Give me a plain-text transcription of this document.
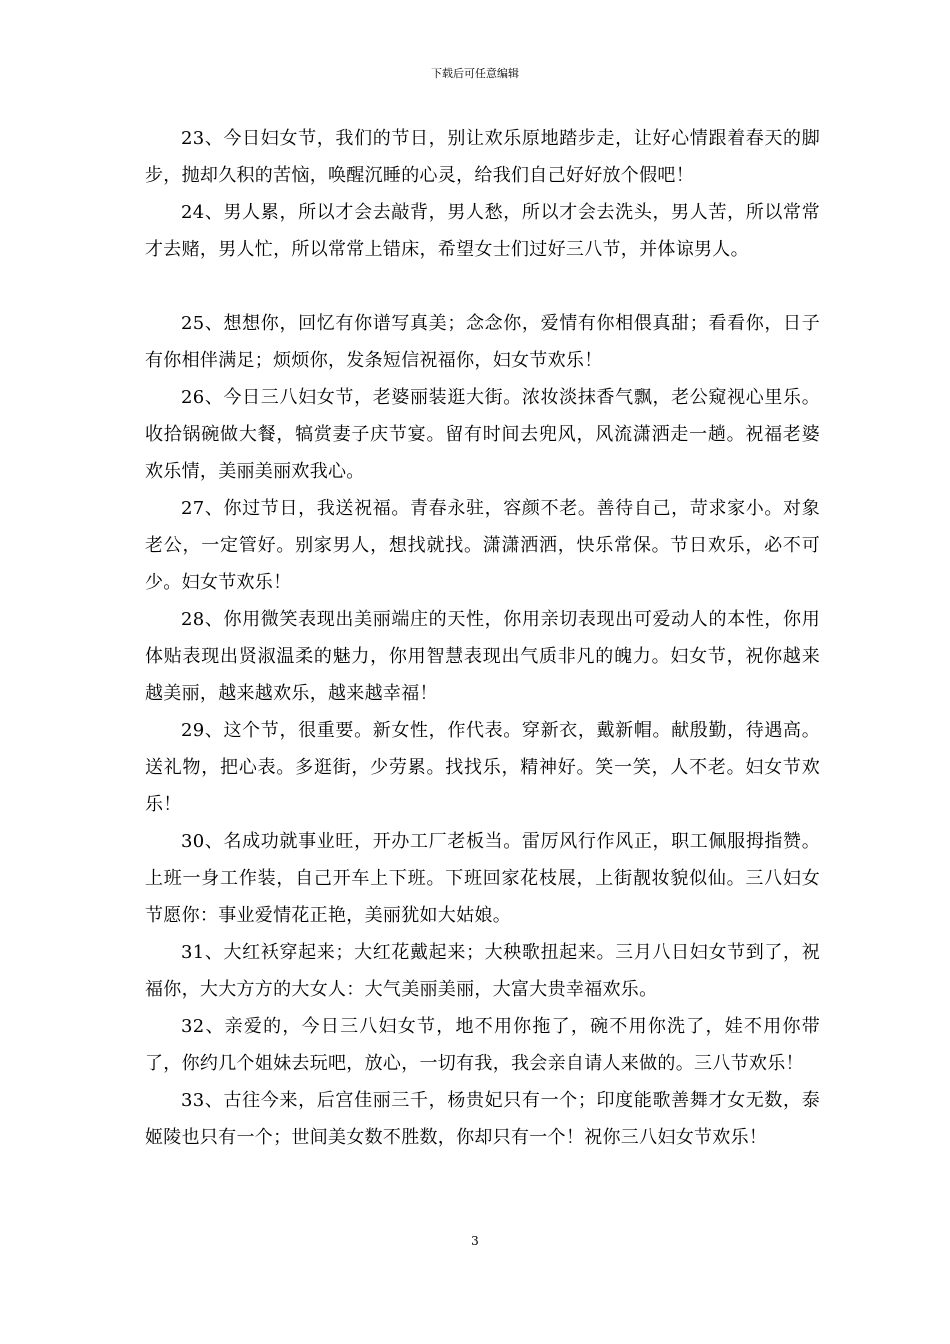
下载后可任意编辑

23、今日妇女节，我们的节日，别让欢乐原地踏步走，让好心情跟着春天的脚步，抛却久积的苦恼，唤醒沉睡的心灵，给我们自己好好放个假吧！

24、男人累，所以才会去敲背，男人愁，所以才会去洗头，男人苦，所以常常才去赌，男人忙，所以常常上错床，希望女士们过好三八节，并体谅男人。

25、想想你，回忆有你谱写真美；念念你，爱情有你相偎真甜；看看你，日子有你相伴满足；烦烦你，发条短信祝福你，妇女节欢乐！

26、今日三八妇女节，老婆丽装逛大街。浓妆淡抹香气飘，老公窥视心里乐。收拾锅碗做大餐，犒赏妻子庆节宴。留有时间去兜风，风流潇洒走一趟。祝福老婆欢乐情，美丽美丽欢我心。

27、你过节日，我送祝福。青春永驻，容颜不老。善待自己，苛求家小。对象老公，一定管好。别家男人，想找就找。潇潇洒洒，快乐常保。节日欢乐，必不可少。妇女节欢乐！

28、你用微笑表现出美丽端庄的天性，你用亲切表现出可爱动人的本性，你用体贴表现出贤淑温柔的魅力，你用智慧表现出气质非凡的魄力。妇女节，祝你越来越美丽，越来越欢乐，越来越幸福！

29、这个节，很重要。新女性，作代表。穿新衣，戴新帽。献殷勤，待遇高。送礼物，把心表。多逛街，少劳累。找找乐，精神好。笑一笑，人不老。妇女节欢乐！

30、名成功就事业旺，开办工厂老板当。雷厉风行作风正，职工佩服拇指赞。上班一身工作装，自己开车上下班。下班回家花枝展，上街靓妆貌似仙。三八妇女节愿你：事业爱情花正艳，美丽犹如大姑娘。

31、大红袄穿起来；大红花戴起来；大秧歌扭起来。三月八日妇女节到了，祝福你，大大方方的大女人：大气美丽美丽，大富大贵幸福欢乐。

32、亲爱的，今日三八妇女节，地不用你拖了，碗不用你洗了，娃不用你带了，你约几个姐妹去玩吧，放心，一切有我，我会亲自请人来做的。三八节欢乐！

33、古往今来，后宫佳丽三千，杨贵妃只有一个；印度能歌善舞才女无数，泰姬陵也只有一个；世间美女数不胜数，你却只有一个！祝你三八妇女节欢乐！

3
